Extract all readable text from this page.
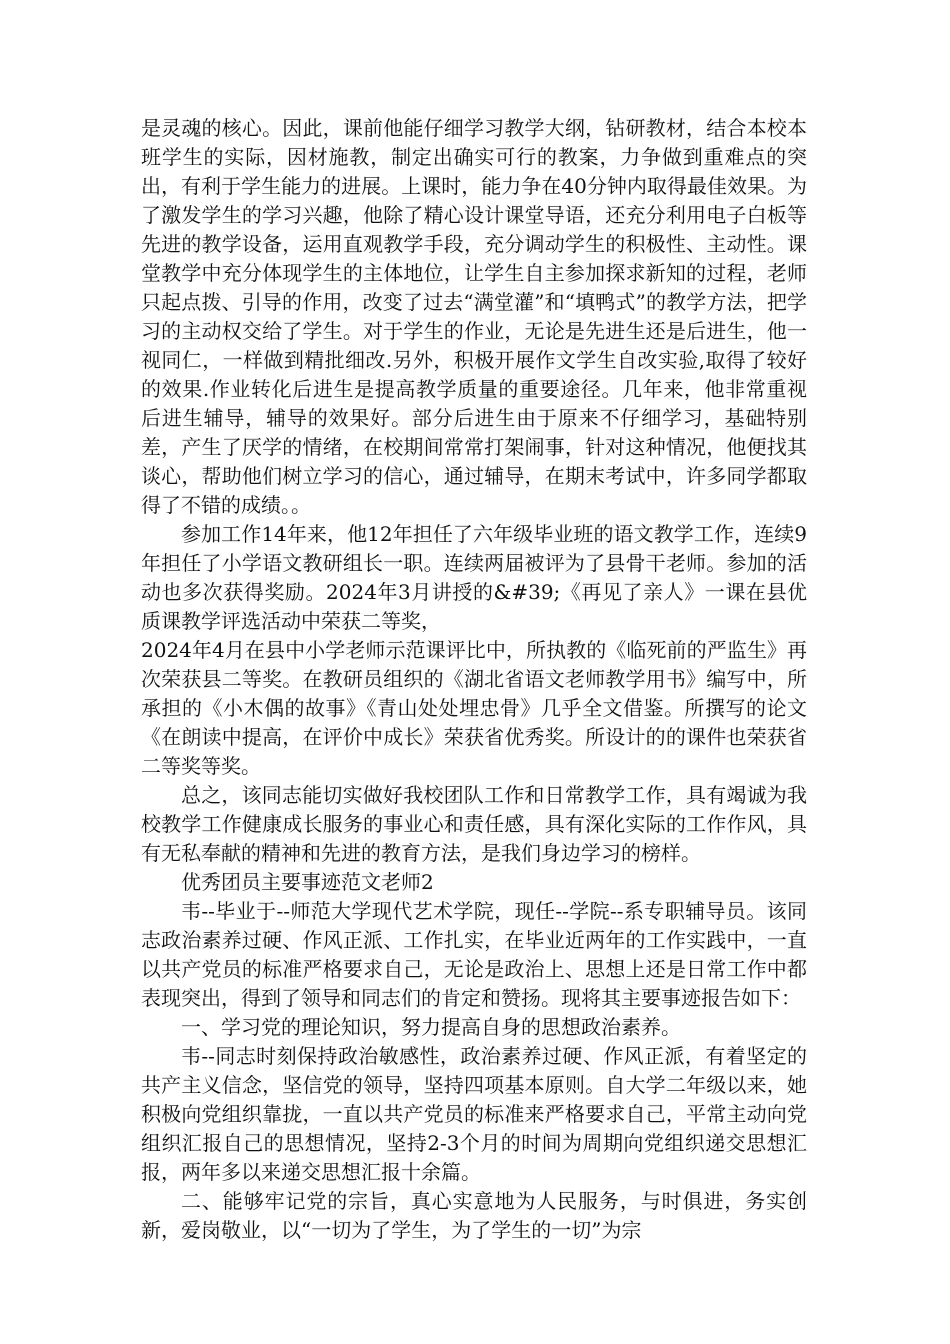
是灵魂的核心。因此，课前他能仔细学习教学大纲，钻研教材，结合本校本班学生的实际，因材施教，制定出确实可行的教案，力争做到重难点的突出，有利于学生能力的进展。上课时，能力争在40分钟内取得最佳效果。为了激发学生的学习兴趣，他除了精心设计课堂导语，还充分利用电子白板等先进的教学设备，运用直观教学手段，充分调动学生的积极性、主动性。课堂教学中充分体现学生的主体地位，让学生自主参加探求新知的过程，老师只起点拨、引导的作用，改变了过去“满堂灌”和“填鸭式”的教学方法，把学习的主动权交给了学生。对于学生的作业，无论是先进生还是后进生，他一视同仁，一样做到精批细改.另外，积极开展作文学生自改实验,取得了较好的效果.作业转化后进生是提高教学质量的重要途径。几年来，他非常重视后进生辅导，辅导的效果好。部分后进生由于原来不仔细学习，基础特别差，产生了厌学的情绪，在校期间常常打架闹事，针对这种情况，他便找其谈心，帮助他们树立学习的信心，通过辅导，在期末考试中，许多同学都取得了不错的成绩。。

参加工作14年来，他12年担任了六年级毕业班的语文教学工作，连续9年担任了小学语文教研组长一职。连续两届被评为了县骨干老师。参加的活动也多次获得奖励。2024年3月讲授的&#39;《再见了亲人》一课在县优质课教学评选活动中荣获二等奖，

2024年4月在县中小学老师示范课评比中，所执教的《临死前的严监生》再次荣获县二等奖。在教研员组织的《湖北省语文老师教学用书》编写中，所承担的《小木偶的故事》《青山处处埋忠骨》几乎全文借鉴。所撰写的论文《在朗读中提高，在评价中成长》荣获省优秀奖。所设计的的课件也荣获省二等奖等奖。

总之，该同志能切实做好我校团队工作和日常教学工作，具有竭诚为我校教学工作健康成长服务的事业心和责任感，具有深化实际的工作作风，具有无私奉献的精神和先进的教育方法，是我们身边学习的榜样。

优秀团员主要事迹范文老师2

韦--毕业于--师范大学现代艺术学院，现任--学院--系专职辅导员。该同志政治素养过硬、作风正派、工作扎实，在毕业近两年的工作实践中，一直以共产党员的标准严格要求自己，无论是政治上、思想上还是日常工作中都表现突出，得到了领导和同志们的肯定和赞扬。现将其主要事迹报告如下：

一、学习党的理论知识，努力提高自身的思想政治素养。

韦--同志时刻保持政治敏感性，政治素养过硬、作风正派，有着坚定的共产主义信念，坚信党的领导，坚持四项基本原则。自大学二年级以来，她积极向党组织靠拢，一直以共产党员的标准来严格要求自己，平常主动向党组织汇报自己的思想情况，坚持2-3个月的时间为周期向党组织递交思想汇报，两年多以来递交思想汇报十余篇。

二、能够牢记党的宗旨，真心实意地为人民服务，与时俱进，务实创新，爱岗敬业，以“一切为了学生，为了学生的一切”为宗
